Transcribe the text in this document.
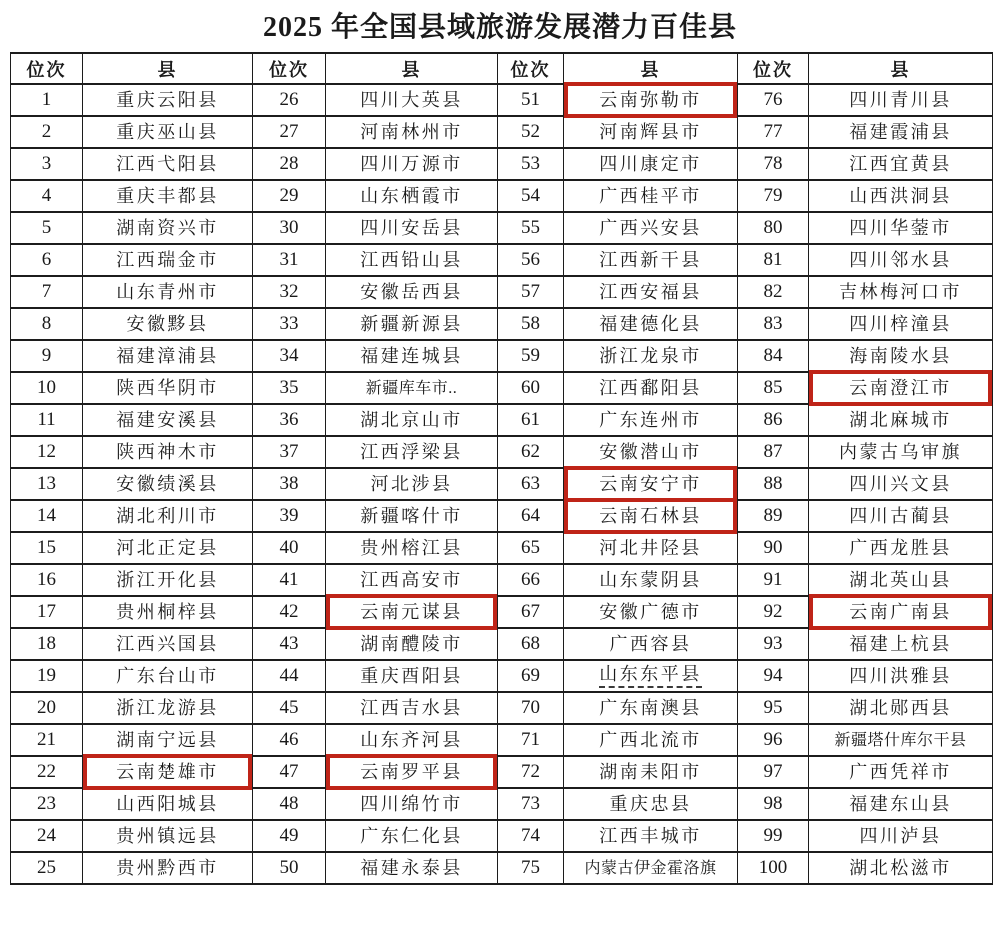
2025 年全国县域旅游发展潜力百佳县
位次	县	位次	县	位次	县	位次	县
1	重庆云阳县	26	四川大英县	51	云南弥勒市	76	四川青川县
2	重庆巫山县	27	河南林州市	52	河南辉县市	77	福建霞浦县
3	江西弋阳县	28	四川万源市	53	四川康定市	78	江西宜黄县
4	重庆丰都县	29	山东栖霞市	54	广西桂平市	79	山西洪洞县
5	湖南资兴市	30	四川安岳县	55	广西兴安县	80	四川华蓥市
6	江西瑞金市	31	江西铅山县	56	江西新干县	81	四川邻水县
7	山东青州市	32	安徽岳西县	57	江西安福县	82	吉林梅河口市
8	安徽黟县	33	新疆新源县	58	福建德化县	83	四川梓潼县
9	福建漳浦县	34	福建连城县	59	浙江龙泉市	84	海南陵水县
10	陕西华阴市	35	新疆库车市..	60	江西鄱阳县	85	云南澄江市

11	福建安溪县	36	湖北京山市	61	广东连州市	86	湖北麻城市
12	陕西神木市	37	江西浮梁县	62	安徽潜山市	87	内蒙古乌审旗
13	安徽绩溪县	38	河北涉县	63	云南安宁市	88	四川兴文县
14	湖北利川市	39	新疆喀什市	64	云南石林县	89	四川古蔺县
15	河北正定县	40	贵州榕江县	65	河北井陉县	90	广西龙胜县
16	浙江开化县	41	江西高安市	66	山东蒙阴县	91	湖北英山县
17	贵州桐梓县	42	云南元谋县	67	安徽广德市	92	云南广南县

18	江西兴国县	43	湖南醴陵市	68	广西容县	93	福建上杭县
19	广东台山市	44	重庆酉阳县	69	山东东平县	94	四川洪雅县
20	浙江龙游县	45	江西吉水县	70	广东南澳县	95	湖北郧西县
21	湖南宁远县	46	山东齐河县	71	广西北流市	96	新疆塔什库尔干县
22	云南楚雄市	47	云南罗平县	72	湖南耒阳市	97	广西凭祥市
23	山西阳城县	48	四川绵竹市	73	重庆忠县	98	福建东山县
24	贵州镇远县	49	广东仁化县	74	江西丰城市	99	四川泸县
25	贵州黔西市	50	福建永泰县	75	内蒙古伊金霍洛旗	100	湖北松滋市
